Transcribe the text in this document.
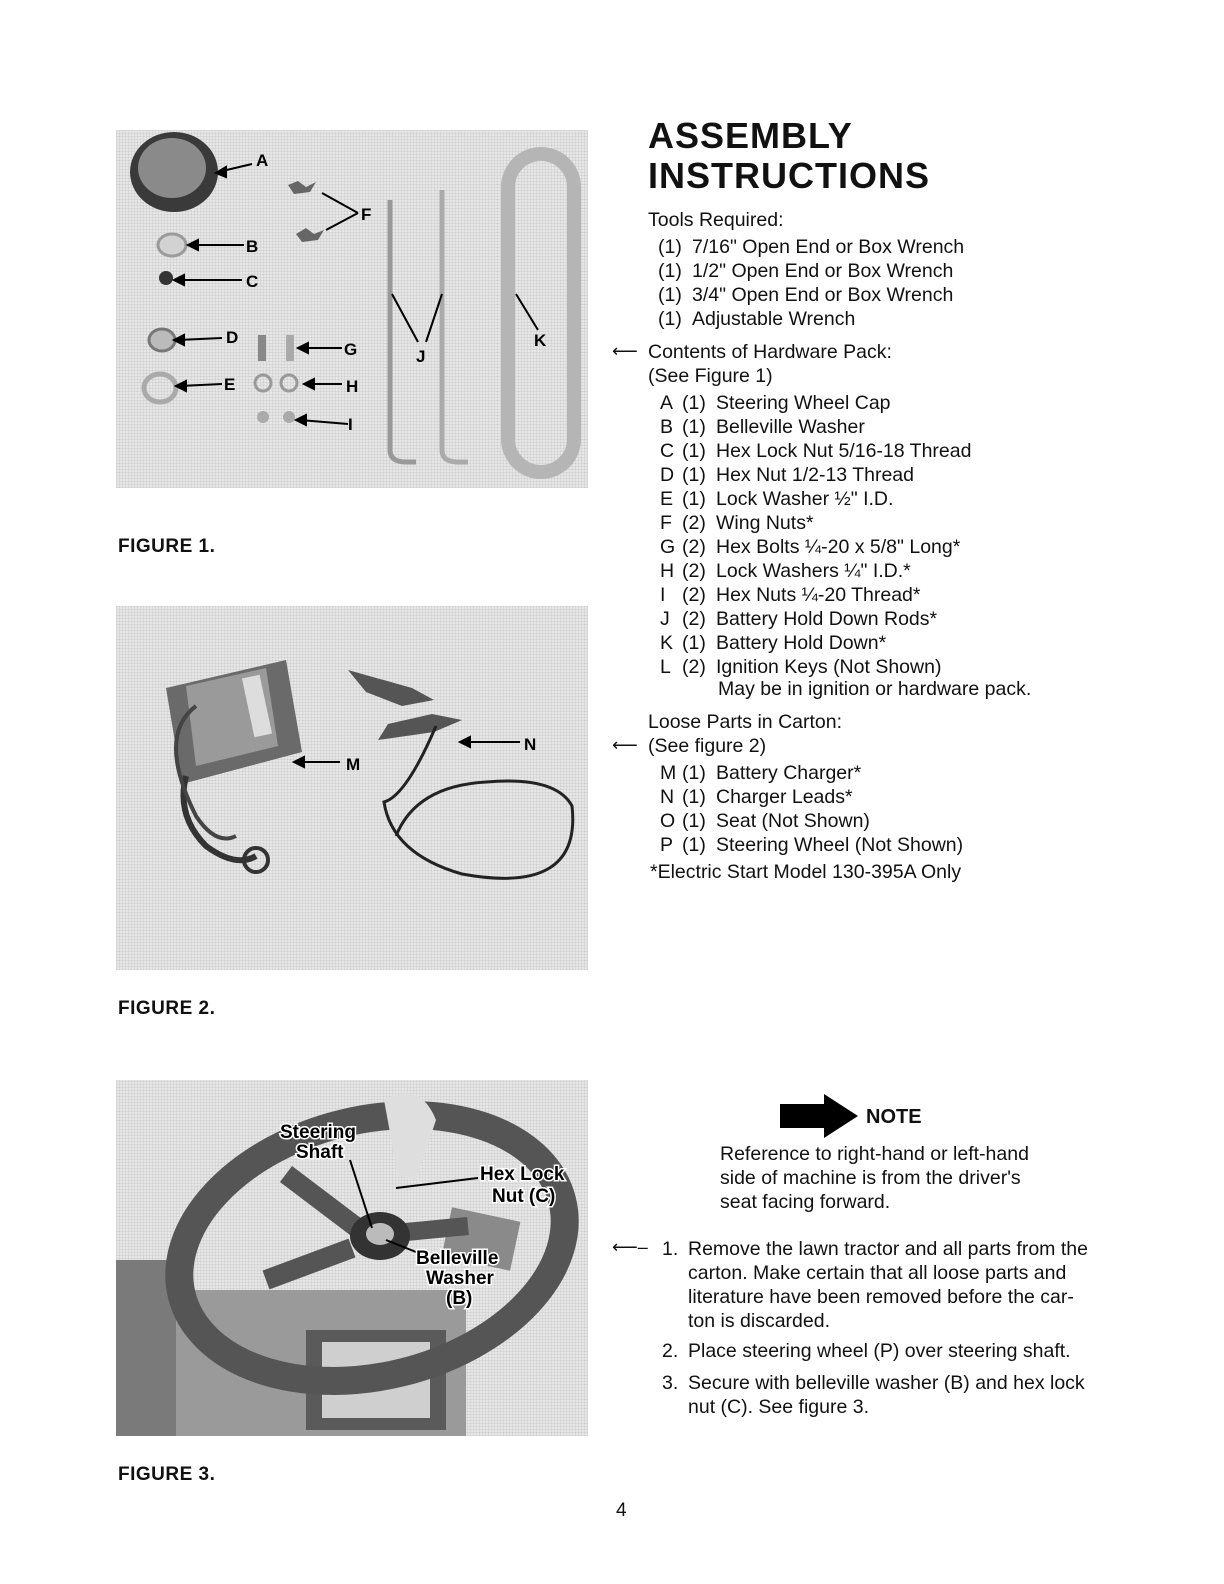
A
B
C
D
E
F
G
H
I
J
K
FIGURE 1.
M
N
FIGURE 2.
Steering
Shaft
Hex Lock
Nut (C)
Belleville
Washer
(B)
FIGURE 3.
ASSEMBLY
INSTRUCTIONS
Tools Required:
(1) 7/16" Open End or Box Wrench
(1) 1/2" Open End or Box Wrench
(1) 3/4" Open End or Box Wrench
(1) Adjustable Wrench
⟵ Contents of Hardware Pack:
(See Figure 1)
A (1) Steering Wheel Cap
B (1) Belleville Washer
C (1) Hex Lock Nut 5/16-18 Thread
D (1) Hex Nut 1/2-13 Thread
E (1) Lock Washer ½" I.D.
F (2) Wing Nuts*
G (2) Hex Bolts ¼-20 x 5/8" Long*
H (2) Lock Washers ¼" I.D.*
I (2) Hex Nuts ¼-20 Thread*
J (2) Battery Hold Down Rods*
K (1) Battery Hold Down*
L (2) Ignition Keys (Not Shown)
May be in ignition or hardware pack.
Loose Parts in Carton:
⟵ (See figure 2)
M (1) Battery Charger*
N (1) Charger Leads*
O (1) Seat (Not Shown)
P (1) Steering Wheel (Not Shown)
*Electric Start Model 130-395A Only
NOTE
Reference to right-hand or left-hand
side of machine is from the driver's
seat facing forward.
⟵– 1. Remove the lawn tractor and all parts from the
carton. Make certain that all loose parts and
literature have been removed before the car-
ton is discarded.
2. Place steering wheel (P) over steering shaft.
3. Secure with belleville washer (B) and hex lock
nut (C). See figure 3.
4
